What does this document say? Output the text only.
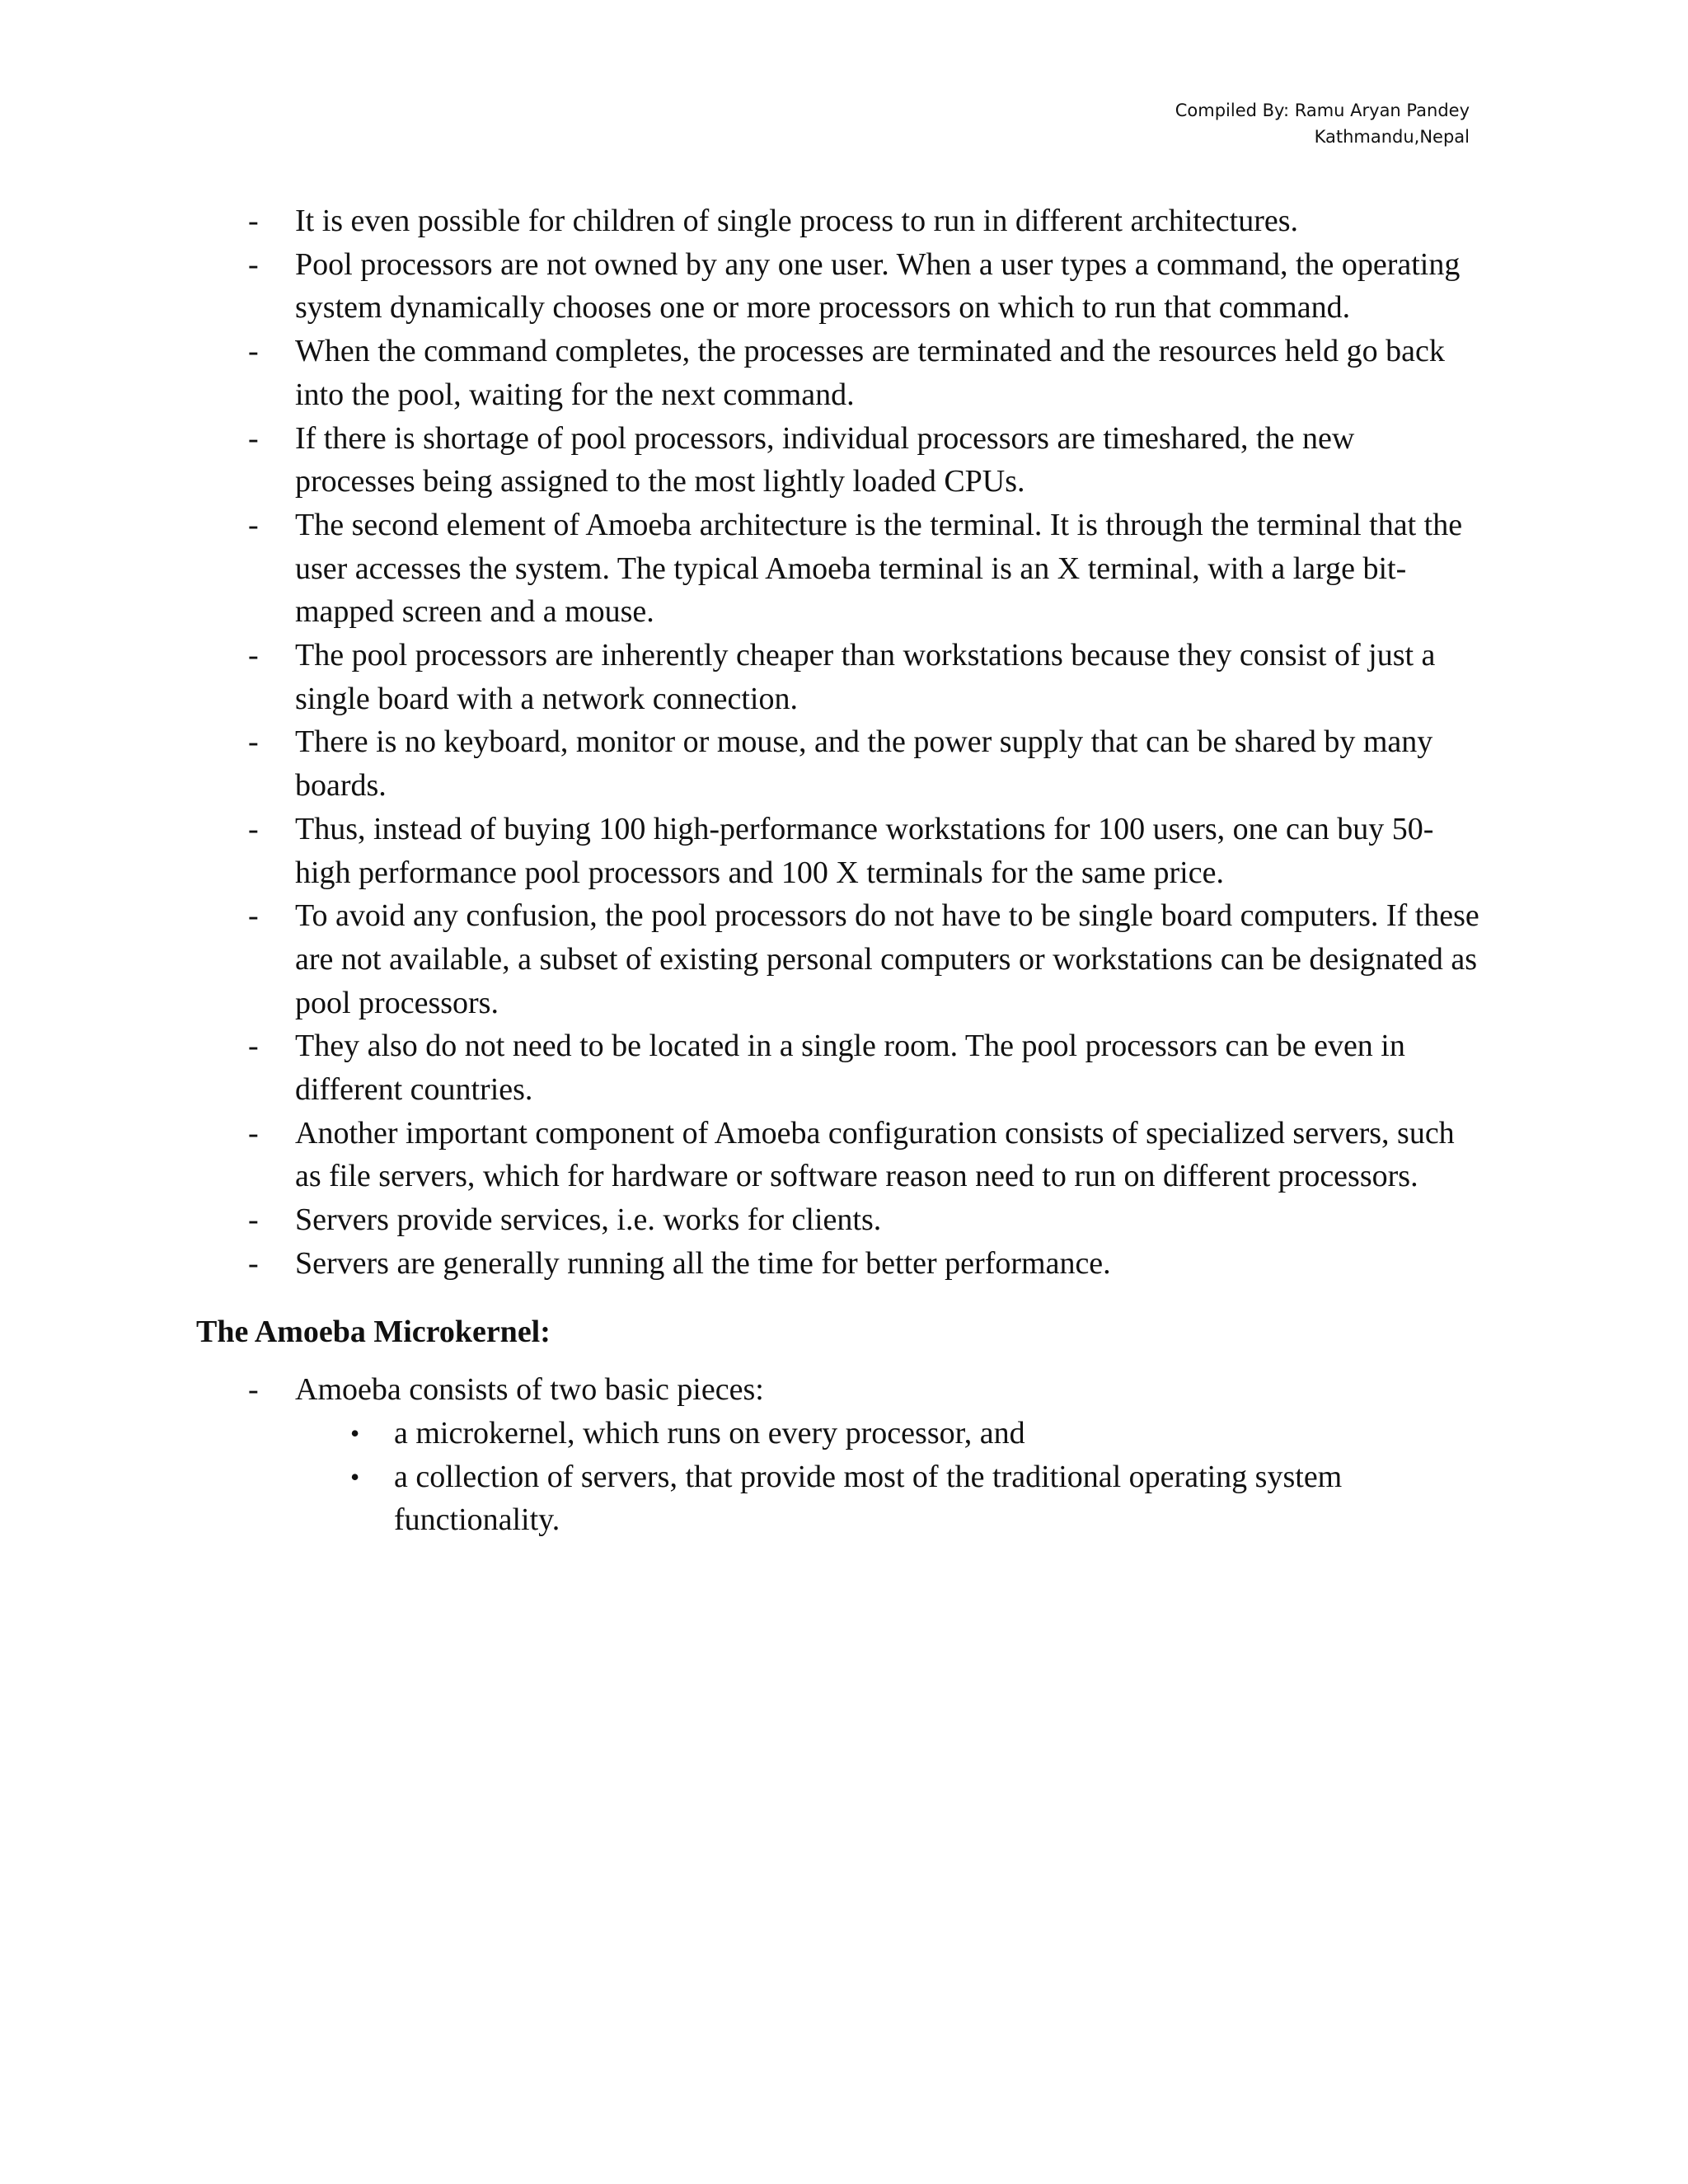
Compiled By: Ramu Aryan Pandey
Kathmandu,Nepal
- It is even possible for children of single process to run in different architectures.
- Pool processors are not owned by any one user. When a user types a command, the operating system dynamically chooses one or more processors on which to run that command.
- When the command completes, the processes are terminated and the resources held go back into the pool, waiting for the next command.
- If there is shortage of pool processors, individual processors are timeshared, the new processes being assigned to the most lightly loaded CPUs.
- The second element of Amoeba architecture is the terminal. It is through the terminal that the user accesses the system. The typical Amoeba terminal is an X terminal, with a large bit-mapped screen and a mouse.
- The pool processors are inherently cheaper than workstations because they consist of just a single board with a network connection.
- There is no keyboard, monitor or mouse, and the power supply that can be shared by many boards.
- Thus, instead of buying 100 high-performance workstations for 100 users, one can buy 50- high performance pool processors and 100 X terminals for the same price.
- To avoid any confusion, the pool processors do not have to be single board computers. If these are not available, a subset of existing personal computers or workstations can be designated as pool processors.
- They also do not need to be located in a single room. The pool processors can be even in different countries.
- Another important component of Amoeba configuration consists of specialized servers, such as file servers, which for hardware or software reason need to run on different processors.
- Servers provide services, i.e. works for clients.
- Servers are generally running all the time for better performance.
The Amoeba Microkernel:
- Amoeba consists of two basic pieces:
• a microkernel, which runs on every processor, and
• a collection of servers, that provide most of the traditional operating system functionality.
